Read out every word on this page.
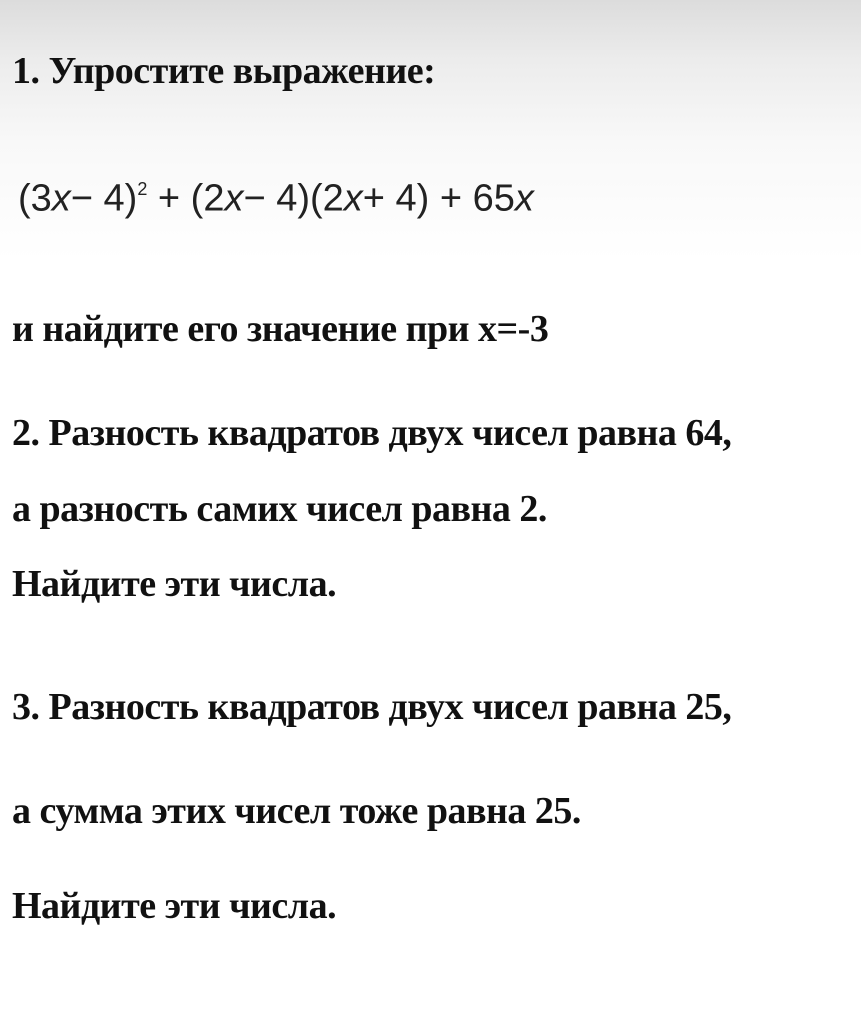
1. Упростите выражение:
$(3x- 4)^2 + (2x- 4)(2x+ 4) + 65x$
и найдите его значение при х=-3
2. Разность квадратов двух чисел равна 64,
а разность самих чисел равна 2.
Найдите эти числа.
3. Разность квадратов двух чисел равна 25,
а сумма этих чисел тоже равна 25.
Найдите эти числа.
